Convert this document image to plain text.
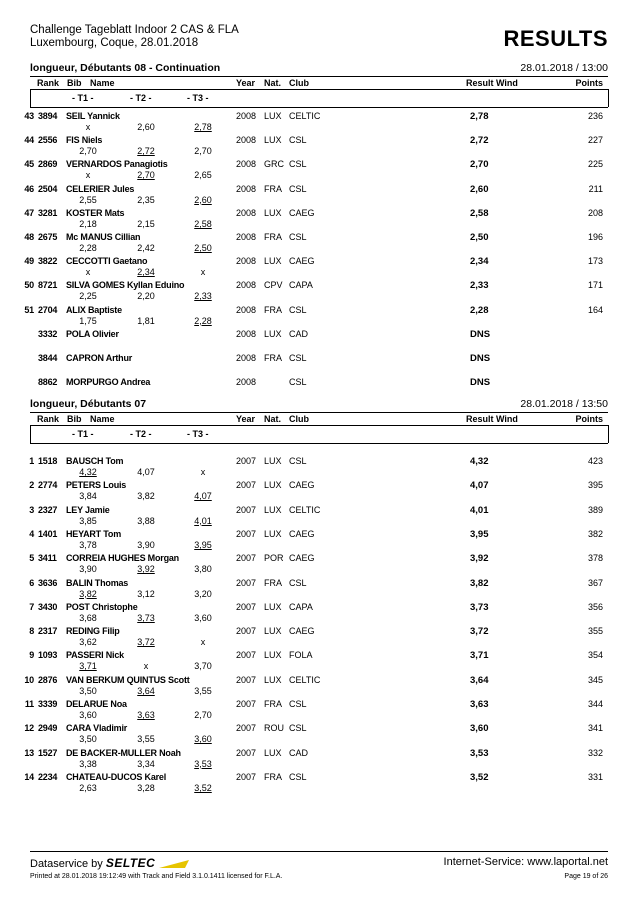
Challenge Tageblatt Indoor 2 CAS & FLA
Luxembourg, Coque, 28.01.2018	RESULTS
longueur, Débutants 08 - Continuation	28.01.2018 / 13:00
Rank Bib Name	Year Nat. Club	Result Wind	Points
- T1 -	- T2 -	- T3 -
43 3894 SEIL Yannick	2008 LUX CELTIC	2,78	236
x	2,60	2,78
44 2556 FIS Niels	2008 LUX CSL	2,72	227
2,70	2,72	2,70
45 2869 VERNARDOS Panagiotis	2008 GRC CSL	2,70	225
x	2,70	2,65
46 2504 CELERIER Jules	2008 FRA CSL	2,60	211
2,55	2,35	2,60
47 3281 KOSTER Mats	2008 LUX CAEG	2,58	208
2,18	2,15	2,58
48 2675 Mc MANUS Cillian	2008 FRA CSL	2,50	196
2,28	2,42	2,50
49 3822 CECCOTTI Gaetano	2008 LUX CAEG	2,34	173
x	2,34	x
50 8721 SILVA GOMES Kyllan Eduino	2008 CPV CAPA	2,33	171
2,25	2,20	2,33
51 2704 ALIX Baptiste	2008 FRA CSL	2,28	164
1,75	1,81	2,28
3332 POLA Olivier	2008 LUX CAD	DNS
3844 CAPRON Arthur	2008 FRA CSL	DNS
8862 MORPURGO Andrea	2008	CSL	DNS
longueur, Débutants 07	28.01.2018 / 13:50
Rank Bib Name	Year Nat. Club	Result Wind	Points
- T1 -	- T2 -	- T3 -
1 1518 BAUSCH Tom	2007 LUX CSL	4,32	423
4,32	4,07	x
2 2774 PETERS Louis	2007 LUX CAEG	4,07	395
3,84	3,82	4,07
3 2327 LEY Jamie	2007 LUX CELTIC	4,01	389
3,85	3,88	4,01
4 1401 HEYART Tom	2007 LUX CAEG	3,95	382
3,78	3,90	3,95
5 3411 CORREIA HUGHES Morgan	2007 POR CAEG	3,92	378
3,90	3,92	3,80
6 3636 BALIN Thomas	2007 FRA CSL	3,82	367
3,82	3,12	3,20
7 3430 POST Christophe	2007 LUX CAPA	3,73	356
3,68	3,73	3,60
8 2317 REDING Filip	2007 LUX CAEG	3,72	355
3,62	3,72	x
9 1093 PASSERI Nick	2007 LUX FOLA	3,71	354
3,71	x	3,70
10 2876 VAN BERKUM QUINTUS Scott	2007 LUX CELTIC	3,64	345
3,50	3,64	3,55
11 3339 DELARUE Noa	2007 FRA CSL	3,63	344
3,60	3,63	2,70
12 2949 CARA Vladimir	2007 ROU CSL	3,60	341
3,50	3,55	3,60
13 1527 DE BACKER-MULLER Noah	2007 LUX CAD	3,53	332
3,38	3,34	3,53
14 2234 CHATEAU-DUCOS Karel	2007 FRA CSL	3,52	331
2,63	3,28	3,52
Dataservice by SELTEC	Internet-Service: www.laportal.net
Printed at 28.01.2018 19:12:49 with Track and Field 3.1.0.1411 licensed for F.L.A.	Page 19 of 26
